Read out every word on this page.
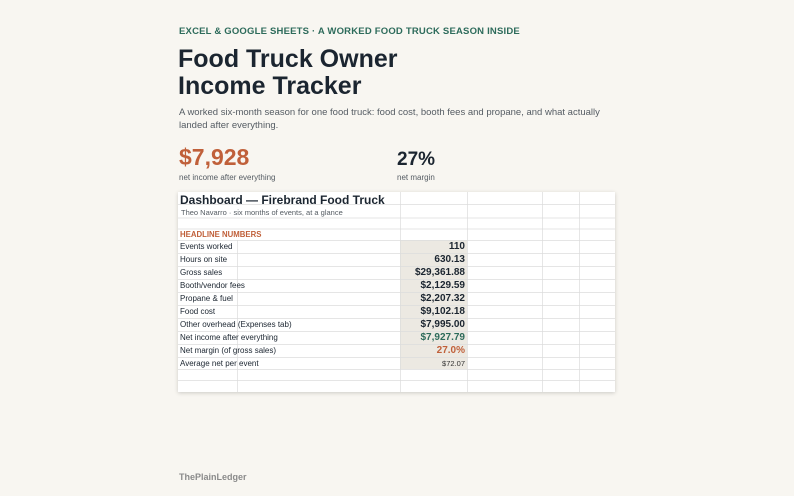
EXCEL & GOOGLE SHEETS · A WORKED FOOD TRUCK SEASON INSIDE
Food Truck Owner
Income Tracker
A worked six-month season for one food truck: food cost, booth fees and propane, and what actually landed after everything.
$7,928
net income after everything
27%
net margin
Dashboard — Firebrand Food Truck
Theo Navarro · six months of events, at a glance
HEADLINE NUMBERS
Events worked	110
Hours on site	630.13
Gross sales	$29,361.88
Booth/vendor fees	$2,129.59
Propane & fuel	$2,207.32
Food cost	$9,102.18
Other overhead (Expenses tab)	$7,995.00
Net income after everything	$7,927.79
Net margin (of gross sales)	27.0%
Average net per event	$72.07
ThePlainLedger
